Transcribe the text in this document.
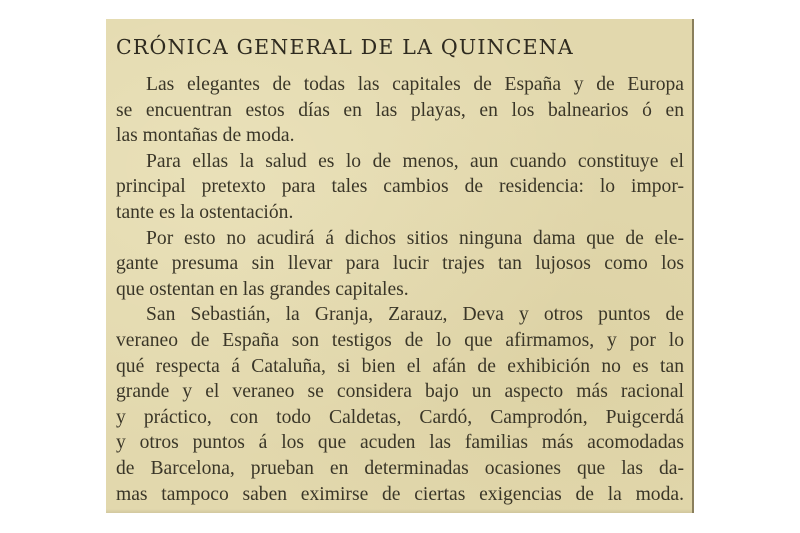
CRÓNICA GENERAL DE LA QUINCENA
Las elegantes de todas las capitales de España y de Europa
se encuentran estos días en las playas, en los balnearios ó en
las montañas de moda.
Para ellas la salud es lo de menos, aun cuando constituye el
principal pretexto para tales cambios de residencia: lo impor-
tante es la ostentación.
Por esto no acudirá á dichos sitios ninguna dama que de ele-
gante presuma sin llevar para lucir trajes tan lujosos como los
que ostentan en las grandes capitales.
San Sebastián, la Granja, Zarauz, Deva y otros puntos de
veraneo de España son testigos de lo que afirmamos, y por lo
qué respecta á Cataluña, si bien el afán de exhibición no es tan
grande y el veraneo se considera bajo un aspecto más racional
y práctico, con todo Caldetas, Cardó, Camprodón, Puigcerdá
y otros puntos á los que acuden las familias más acomodadas
de Barcelona, prueban en determinadas ocasiones que las da-
mas tampoco saben eximirse de ciertas exigencias de la moda.
